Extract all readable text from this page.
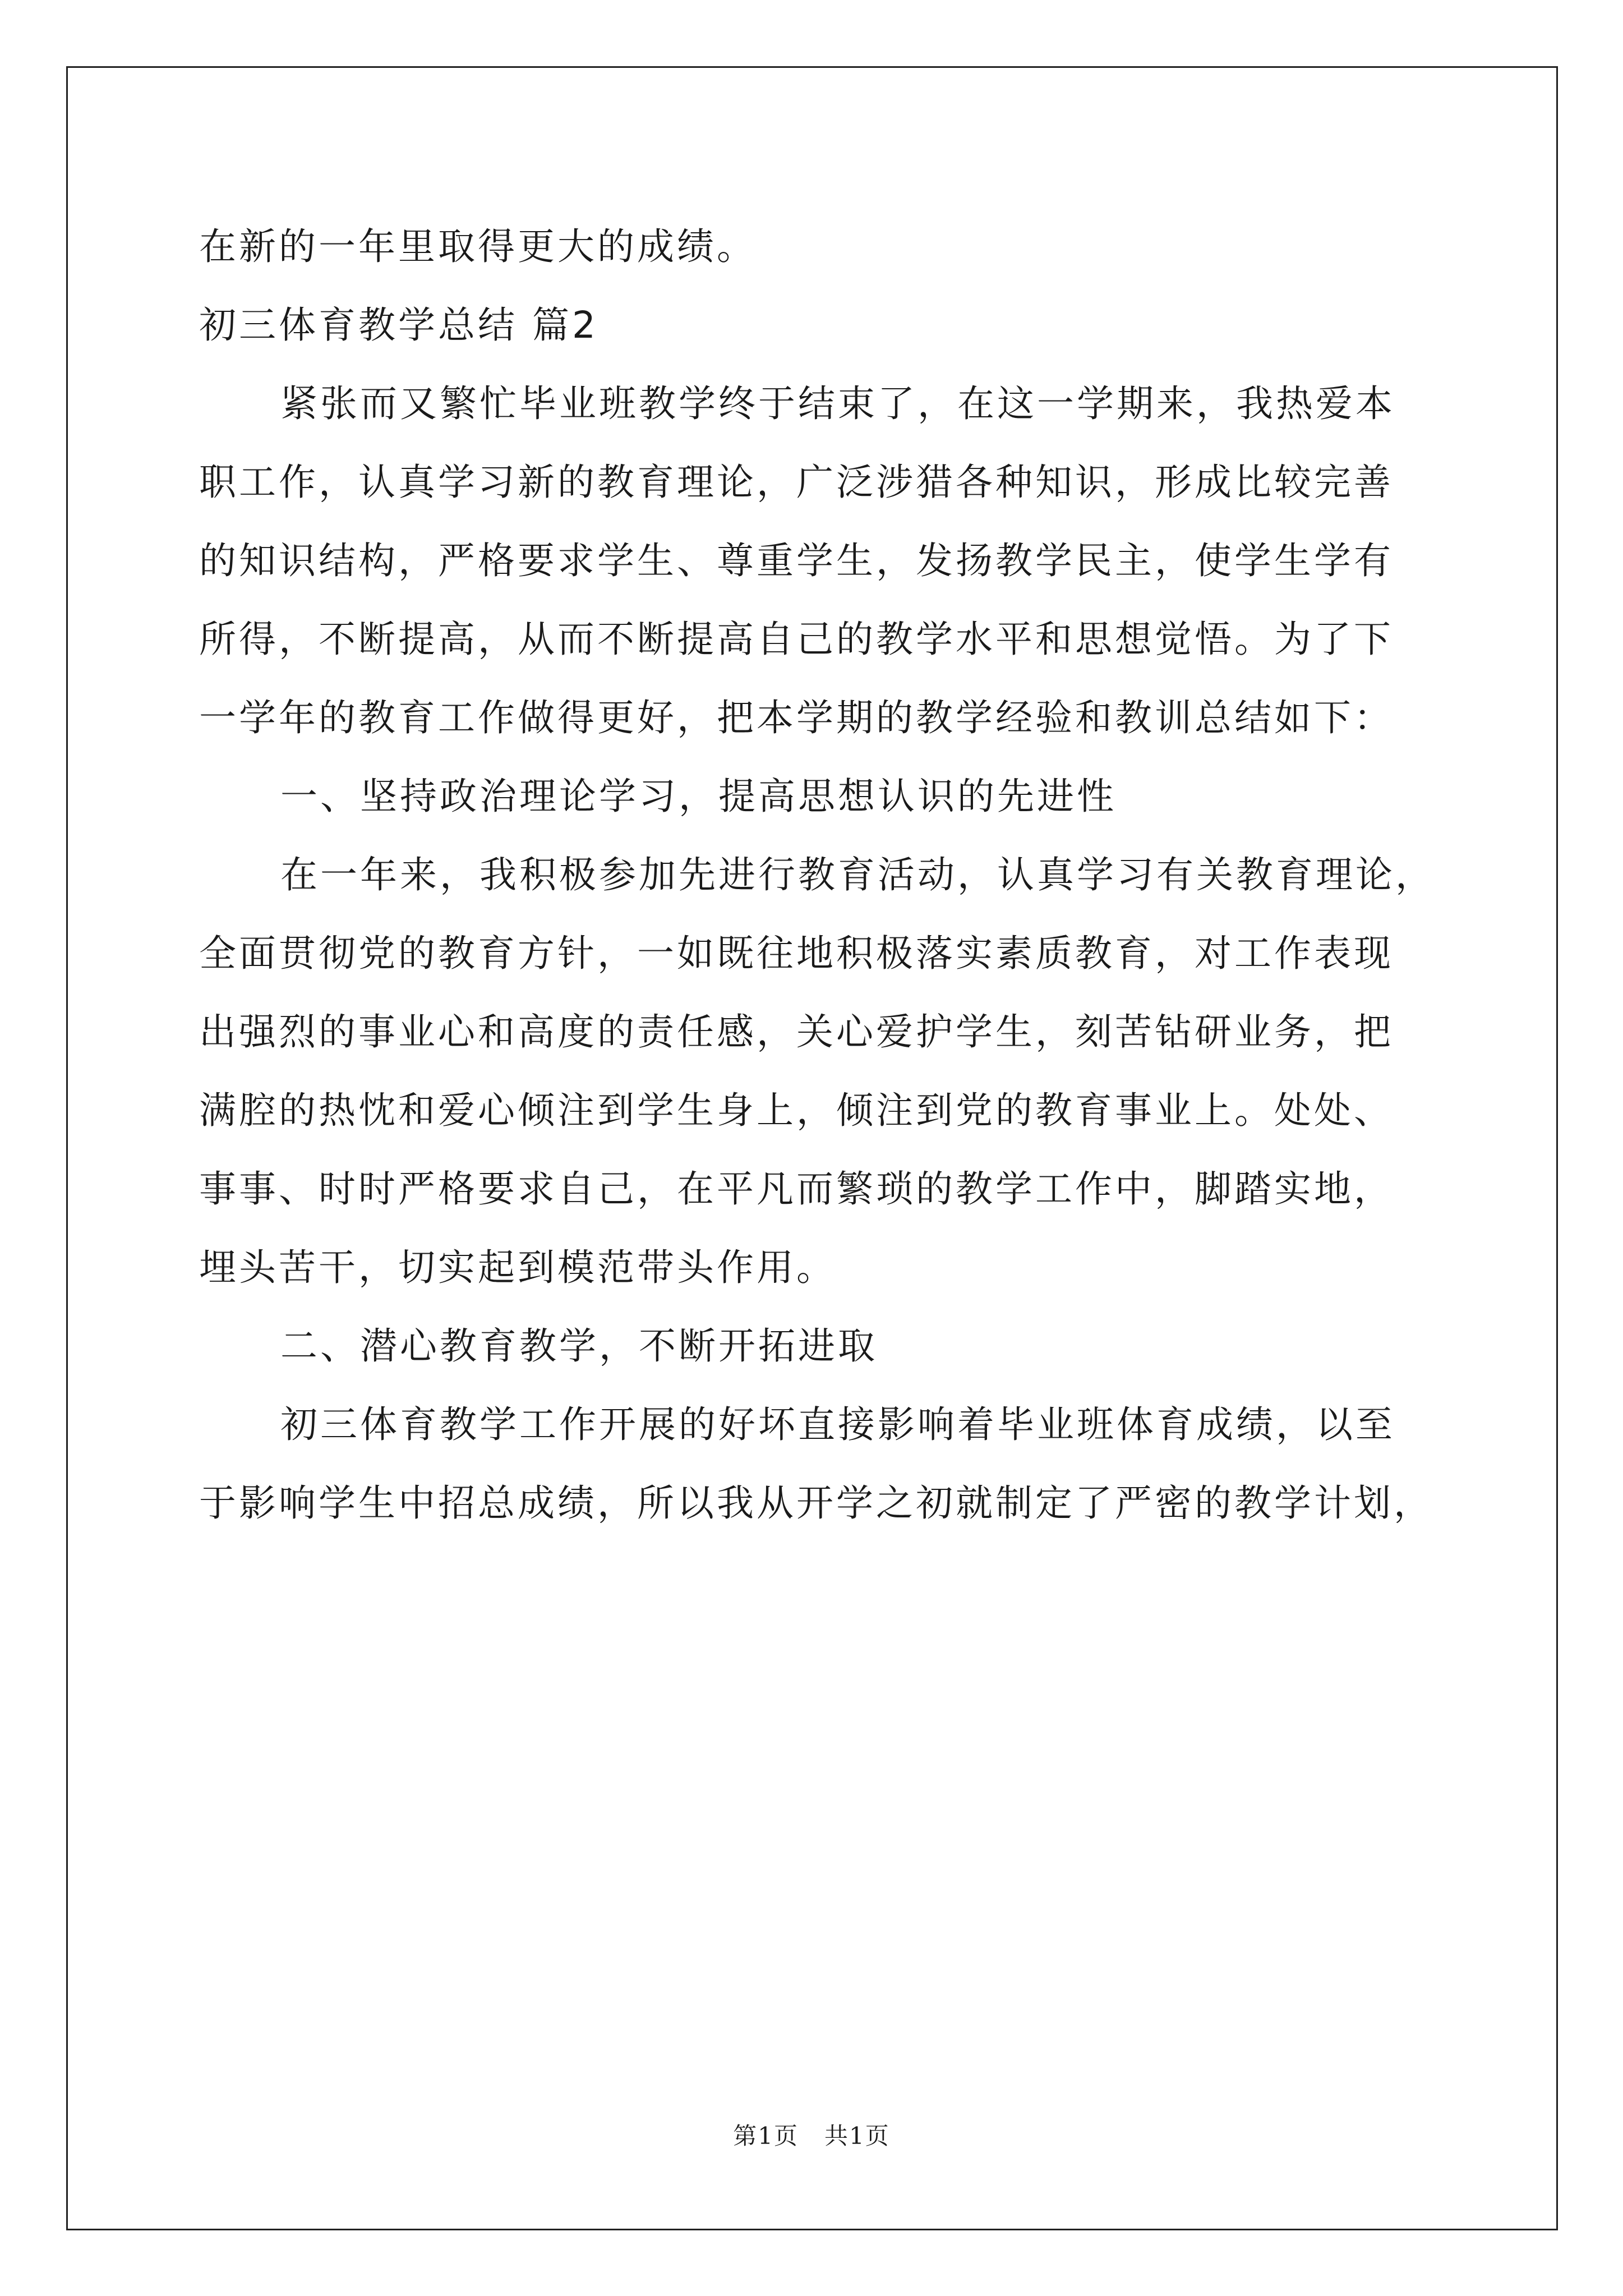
在新的一年里取得更大的成绩。
初三体育教学总结 篇2
紧张而又繁忙毕业班教学终于结束了，在这一学期来，我热爱本
职工作，认真学习新的教育理论，广泛涉猎各种知识，形成比较完善
的知识结构，严格要求学生、尊重学生，发扬教学民主，使学生学有
所得，不断提高，从而不断提高自己的教学水平和思想觉悟。为了下
一学年的教育工作做得更好，把本学期的教学经验和教训总结如下：
一、坚持政治理论学习，提高思想认识的先进性
在一年来，我积极参加先进行教育活动，认真学习有关教育理论，
全面贯彻党的教育方针，一如既往地积极落实素质教育，对工作表现
出强烈的事业心和高度的责任感，关心爱护学生，刻苦钻研业务，把
满腔的热忱和爱心倾注到学生身上，倾注到党的教育事业上。处处、
事事、时时严格要求自己，在平凡而繁琐的教学工作中，脚踏实地，
埋头苦干，切实起到模范带头作用。
二、潜心教育教学，不断开拓进取
初三体育教学工作开展的好坏直接影响着毕业班体育成绩，以至
于影响学生中招总成绩，所以我从开学之初就制定了严密的教学计划，
第1页   共1页
